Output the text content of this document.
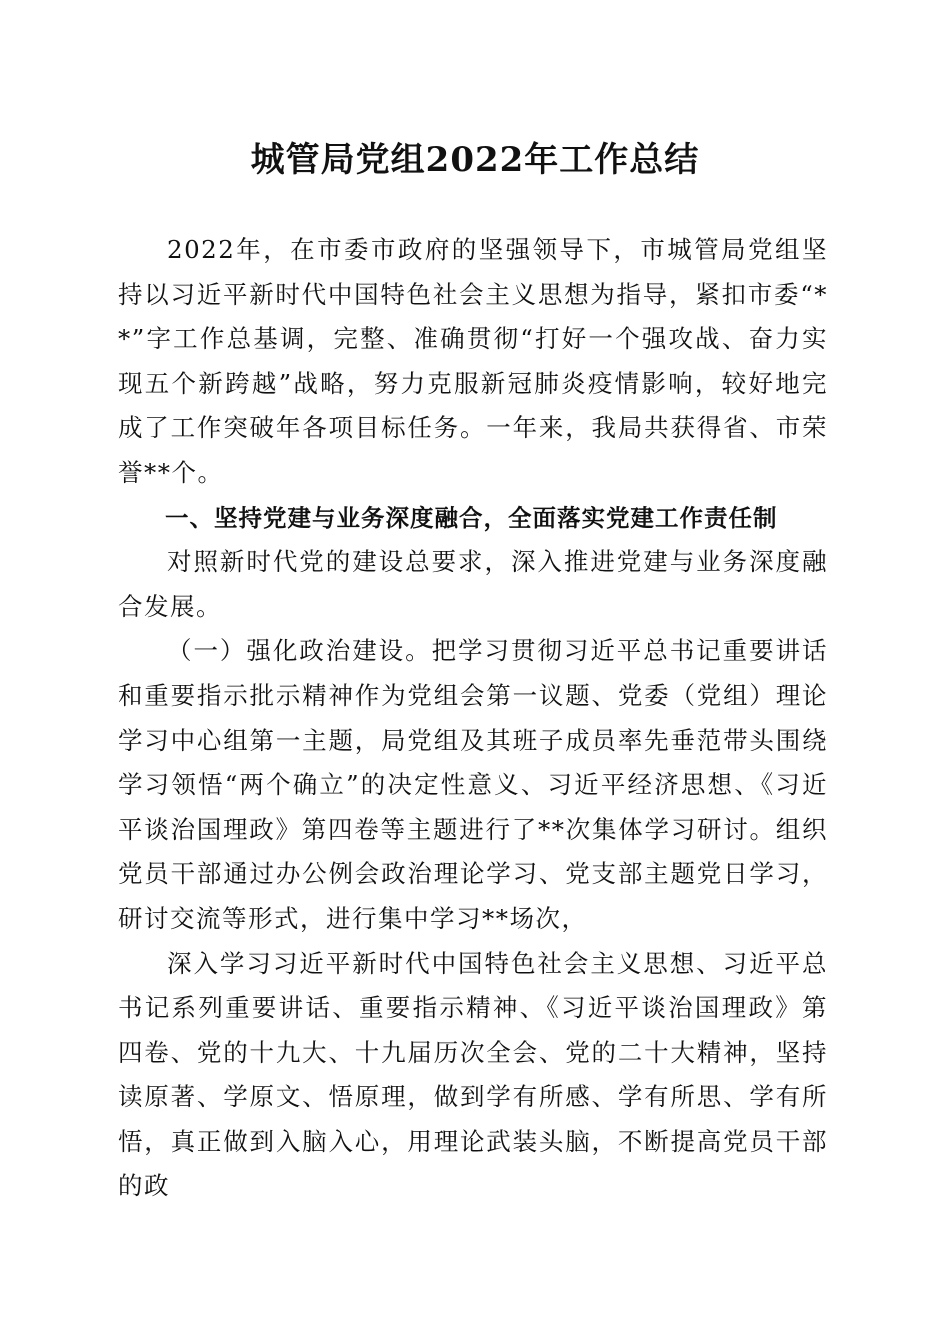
城管局党组2022年工作总结

2022年，在市委市政府的坚强领导下，市城管局党组坚持以习近平新时代中国特色社会主义思想为指导，紧扣市委“**”字工作总基调，完整、准确贯彻“打好一个强攻战、奋力实现五个新跨越”战略，努力克服新冠肺炎疫情影响，较好地完成了工作突破年各项目标任务。一年来，我局共获得省、市荣誉**个。

一、坚持党建与业务深度融合，全面落实党建工作责任制

对照新时代党的建设总要求，深入推进党建与业务深度融合发展。

（一）强化政治建设。把学习贯彻习近平总书记重要讲话和重要指示批示精神作为党组会第一议题、党委（党组）理论学习中心组第一主题，局党组及其班子成员率先垂范带头围绕学习领悟“两个确立”的决定性意义、习近平经济思想、《习近平谈治国理政》第四卷等主题进行了**次集体学习研讨。组织党员干部通过办公例会政治理论学习、党支部主题党日学习，研讨交流等形式，进行集中学习**场次，

深入学习习近平新时代中国特色社会主义思想、习近平总书记系列重要讲话、重要指示精神、《习近平谈治国理政》第四卷、党的十九大、十九届历次全会、党的二十大精神，坚持读原著、学原文、悟原理，做到学有所感、学有所思、学有所悟，真正做到入脑入心，用理论武装头脑，不断提高党员干部的政
